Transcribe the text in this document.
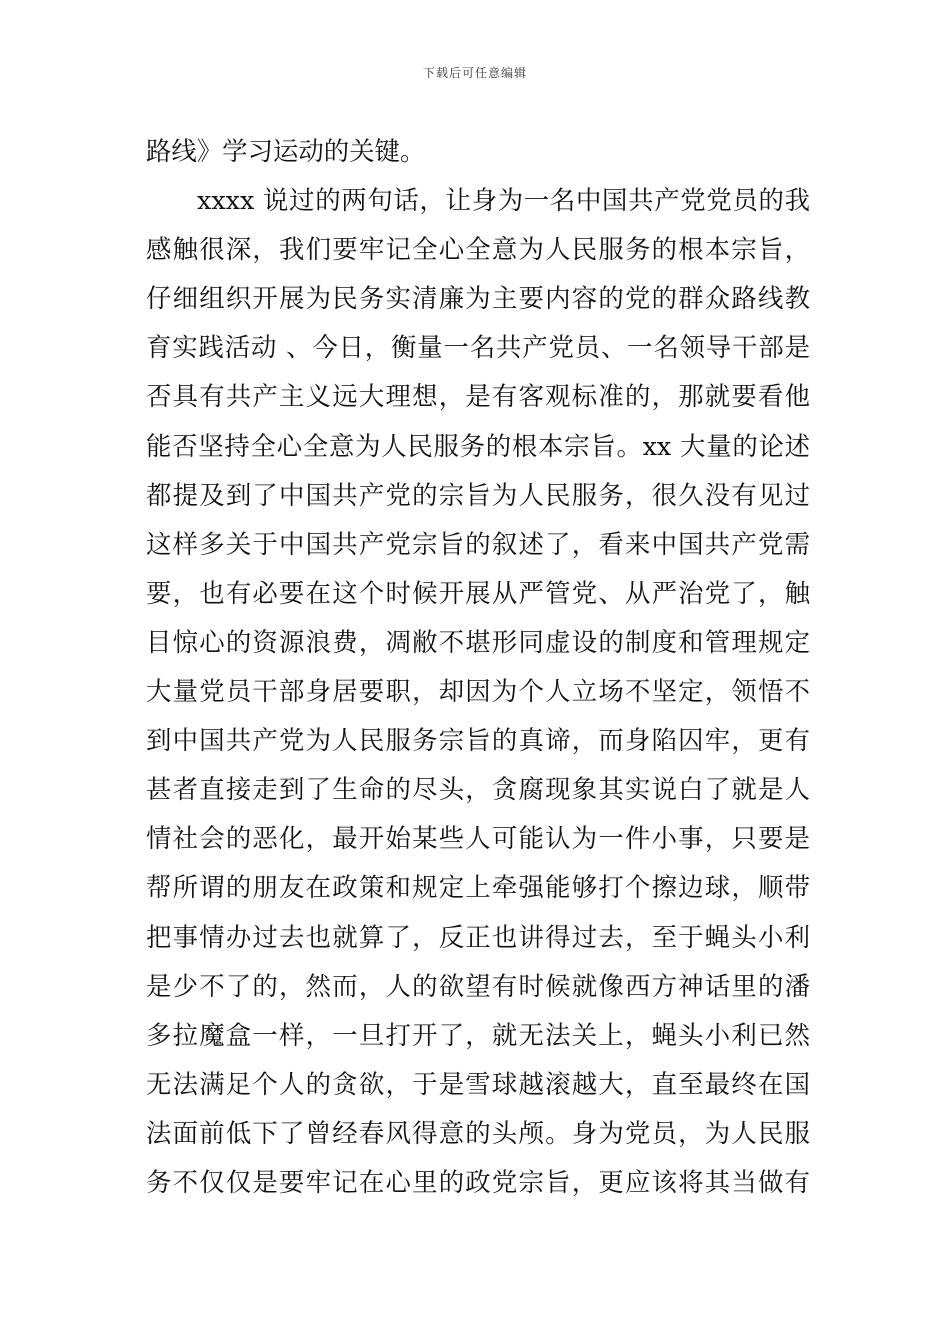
下载后可任意编辑
路线》学习运动的关键。
xxxx 说过的两句话，让身为一名中国共产党党员的我
感触很深，我们要牢记全心全意为人民服务的根本宗旨，
仔细组织开展为民务实清廉为主要内容的党的群众路线教
育实践活动 、今日，衡量一名共产党员、一名领导干部是
否具有共产主义远大理想，是有客观标准的，那就要看他
能否坚持全心全意为人民服务的根本宗旨。xx 大量的论述
都提及到了中国共产党的宗旨为人民服务，很久没有见过
这样多关于中国共产党宗旨的叙述了，看来中国共产党需
要，也有必要在这个时候开展从严管党、从严治党了，触
目惊心的资源浪费，凋敝不堪形同虚设的制度和管理规定
大量党员干部身居要职，却因为个人立场不坚定，领悟不
到中国共产党为人民服务宗旨的真谛，而身陷囚牢，更有
甚者直接走到了生命的尽头，贪腐现象其实说白了就是人
情社会的恶化，最开始某些人可能认为一件小事，只要是
帮所谓的朋友在政策和规定上牵强能够打个擦边球，顺带
把事情办过去也就算了，反正也讲得过去，至于蝇头小利
是少不了的，然而，人的欲望有时候就像西方神话里的潘
多拉魔盒一样，一旦打开了，就无法关上，蝇头小利已然
无法满足个人的贪欲，于是雪球越滚越大，直至最终在国
法面前低下了曾经春风得意的头颅。身为党员，为人民服
务不仅仅是要牢记在心里的政党宗旨，更应该将其当做有
